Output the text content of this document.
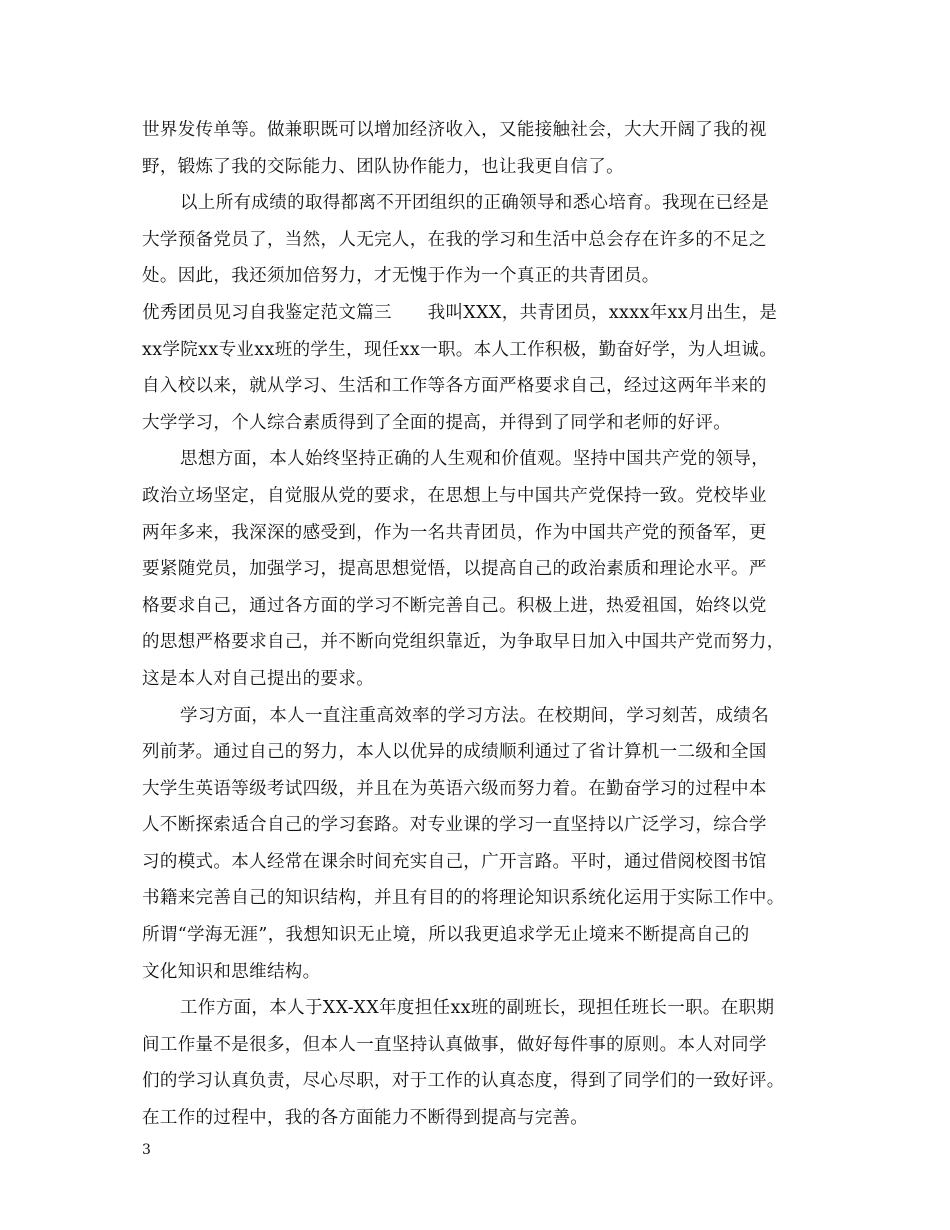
世界发传单等。做兼职既可以增加经济收入，又能接触社会，大大开阔了我的视
野，锻炼了我的交际能力、团队协作能力，也让我更自信了。
以上所有成绩的取得都离不开团组织的正确领导和悉心培育。我现在已经是
大学预备党员了，当然，人无完人，在我的学习和生活中总会存在许多的不足之
处。因此，我还须加倍努力，才无愧于作为一个真正的共青团员。
优秀团员见习自我鉴定范文篇三　　我叫XXX，共青团员，xxxx年xx月出生，是
xx学院xx专业xx班的学生，现任xx一职。本人工作积极，勤奋好学，为人坦诚。
自入校以来，就从学习、生活和工作等各方面严格要求自己，经过这两年半来的
大学学习，个人综合素质得到了全面的提高，并得到了同学和老师的好评。
思想方面，本人始终坚持正确的人生观和价值观。坚持中国共产党的领导，
政治立场坚定，自觉服从党的要求，在思想上与中国共产党保持一致。党校毕业
两年多来，我深深的感受到，作为一名共青团员，作为中国共产党的预备军，更
要紧随党员，加强学习，提高思想觉悟，以提高自己的政治素质和理论水平。严
格要求自己，通过各方面的学习不断完善自己。积极上进，热爱祖国，始终以党
的思想严格要求自己，并不断向党组织靠近，为争取早日加入中国共产党而努力，
这是本人对自己提出的要求。
学习方面，本人一直注重高效率的学习方法。在校期间，学习刻苦，成绩名
列前茅。通过自己的努力，本人以优异的成绩顺利通过了省计算机一二级和全国
大学生英语等级考试四级，并且在为英语六级而努力着。在勤奋学习的过程中本
人不断探索适合自己的学习套路。对专业课的学习一直坚持以广泛学习，综合学
习的模式。本人经常在课余时间充实自己，广开言路。平时，通过借阅校图书馆
书籍来完善自己的知识结构，并且有目的的将理论知识系统化运用于实际工作中。
所谓“学海无涯”，我想知识无止境，所以我更追求学无止境来不断提高自己的
文化知识和思维结构。
工作方面，本人于XX-XX年度担任xx班的副班长，现担任班长一职。在职期
间工作量不是很多，但本人一直坚持认真做事，做好每件事的原则。本人对同学
们的学习认真负责，尽心尽职，对于工作的认真态度，得到了同学们的一致好评。
在工作的过程中，我的各方面能力不断得到提高与完善。
3
